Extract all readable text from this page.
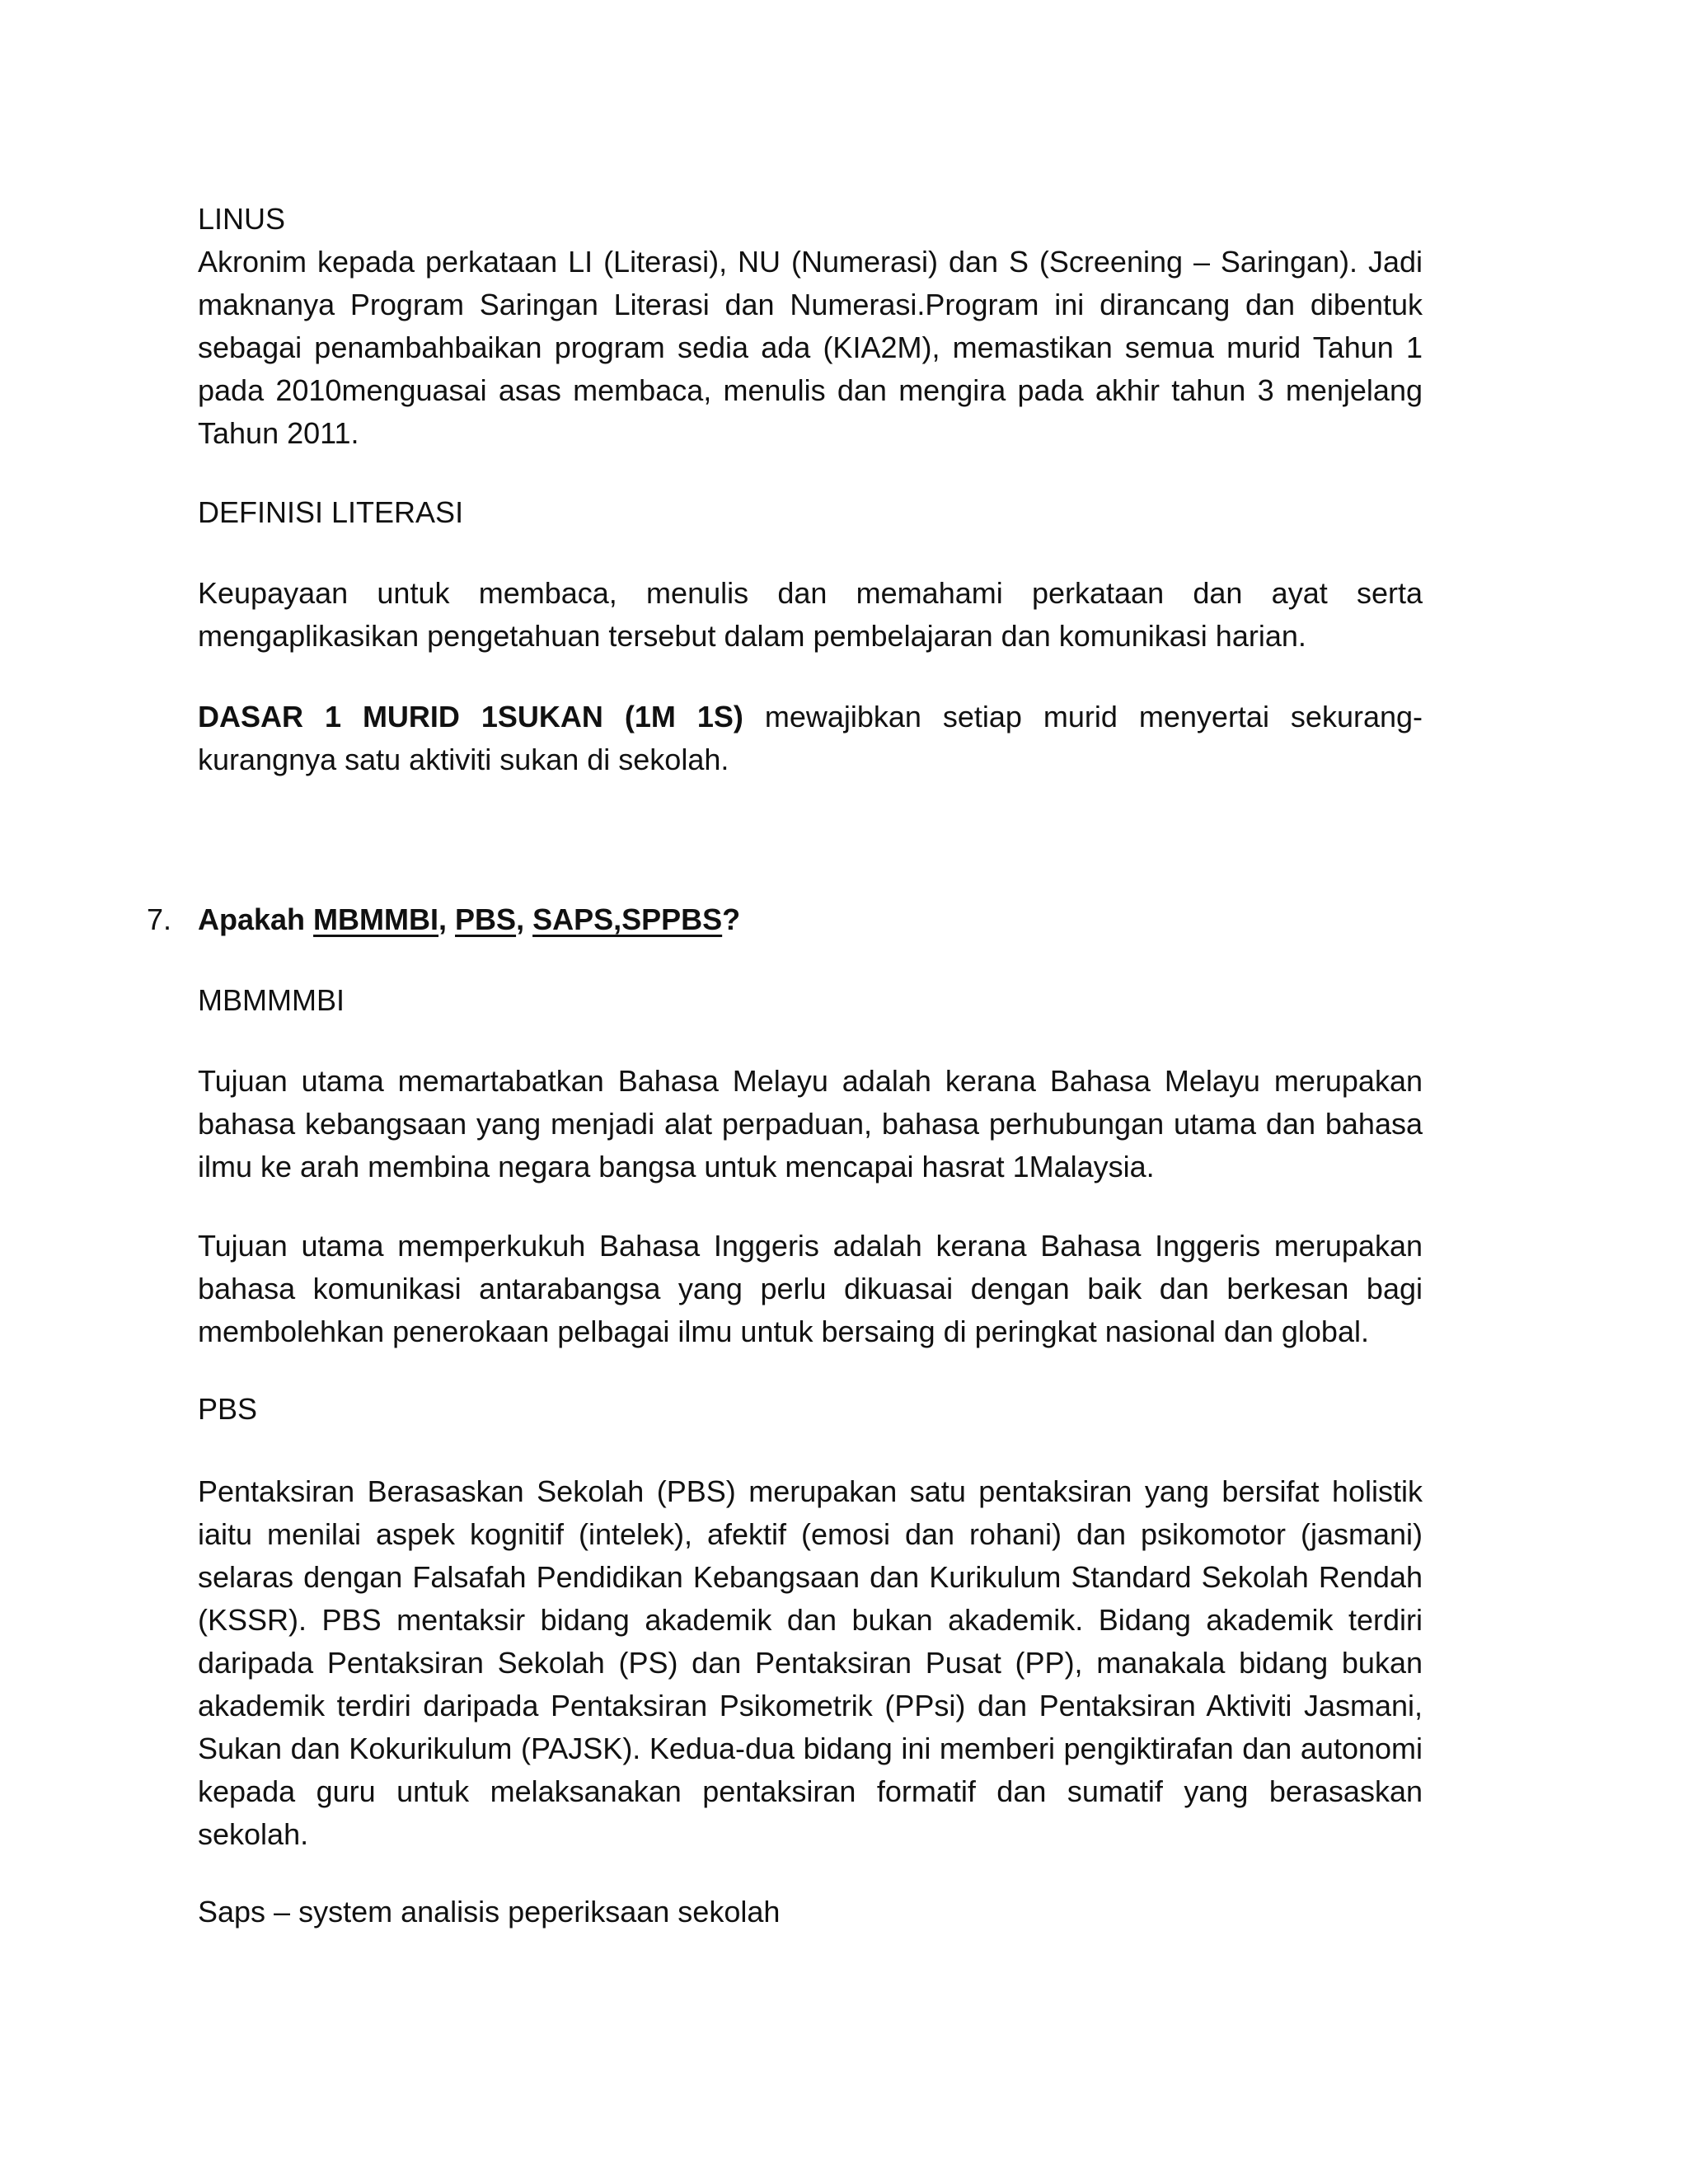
LINUS

Akronim kepada perkataan LI (Literasi), NU (Numerasi) dan S (Screening – Saringan). Jadi maknanya Program Saringan Literasi dan Numerasi.Program ini dirancang dan dibentuk sebagai penambahbaikan program sedia ada (KIA2M), memastikan semua murid Tahun 1 pada 2010menguasai asas membaca, menulis dan mengira pada akhir tahun 3 menjelang Tahun 2011.

DEFINISI LITERASI

Keupayaan untuk membaca, menulis dan memahami perkataan dan ayat serta mengaplikasikan pengetahuan tersebut dalam pembelajaran dan komunikasi harian.

DASAR 1 MURID 1SUKAN (1M 1S) mewajibkan setiap murid menyertai sekurang-kurangnya satu aktiviti sukan di sekolah.

7. Apakah MBMMBI, PBS, SAPS,SPPBS?

MBMMMBI

Tujuan utama memartabatkan Bahasa Melayu adalah kerana Bahasa Melayu merupakan bahasa kebangsaan yang menjadi alat perpaduan, bahasa perhubungan utama dan bahasa ilmu ke arah membina negara bangsa untuk mencapai hasrat 1Malaysia.

Tujuan utama memperkukuh Bahasa Inggeris adalah kerana Bahasa Inggeris merupakan bahasa komunikasi antarabangsa yang perlu dikuasai dengan baik dan berkesan bagi membolehkan penerokaan pelbagai ilmu untuk bersaing di peringkat nasional dan global.

PBS

Pentaksiran Berasaskan Sekolah (PBS) merupakan satu pentaksiran yang bersifat holistik iaitu menilai aspek kognitif (intelek), afektif (emosi dan rohani) dan psikomotor (jasmani) selaras dengan Falsafah Pendidikan Kebangsaan dan Kurikulum Standard Sekolah Rendah (KSSR). PBS mentaksir bidang akademik dan bukan akademik. Bidang akademik terdiri daripada Pentaksiran Sekolah (PS) dan Pentaksiran Pusat (PP), manakala bidang bukan akademik terdiri daripada Pentaksiran Psikometrik (PPsi) dan Pentaksiran Aktiviti Jasmani, Sukan dan Kokurikulum (PAJSK). Kedua-dua bidang ini memberi pengiktirafan dan autonomi kepada guru untuk melaksanakan pentaksiran formatif dan sumatif yang berasaskan sekolah.

Saps – system analisis peperiksaan sekolah
